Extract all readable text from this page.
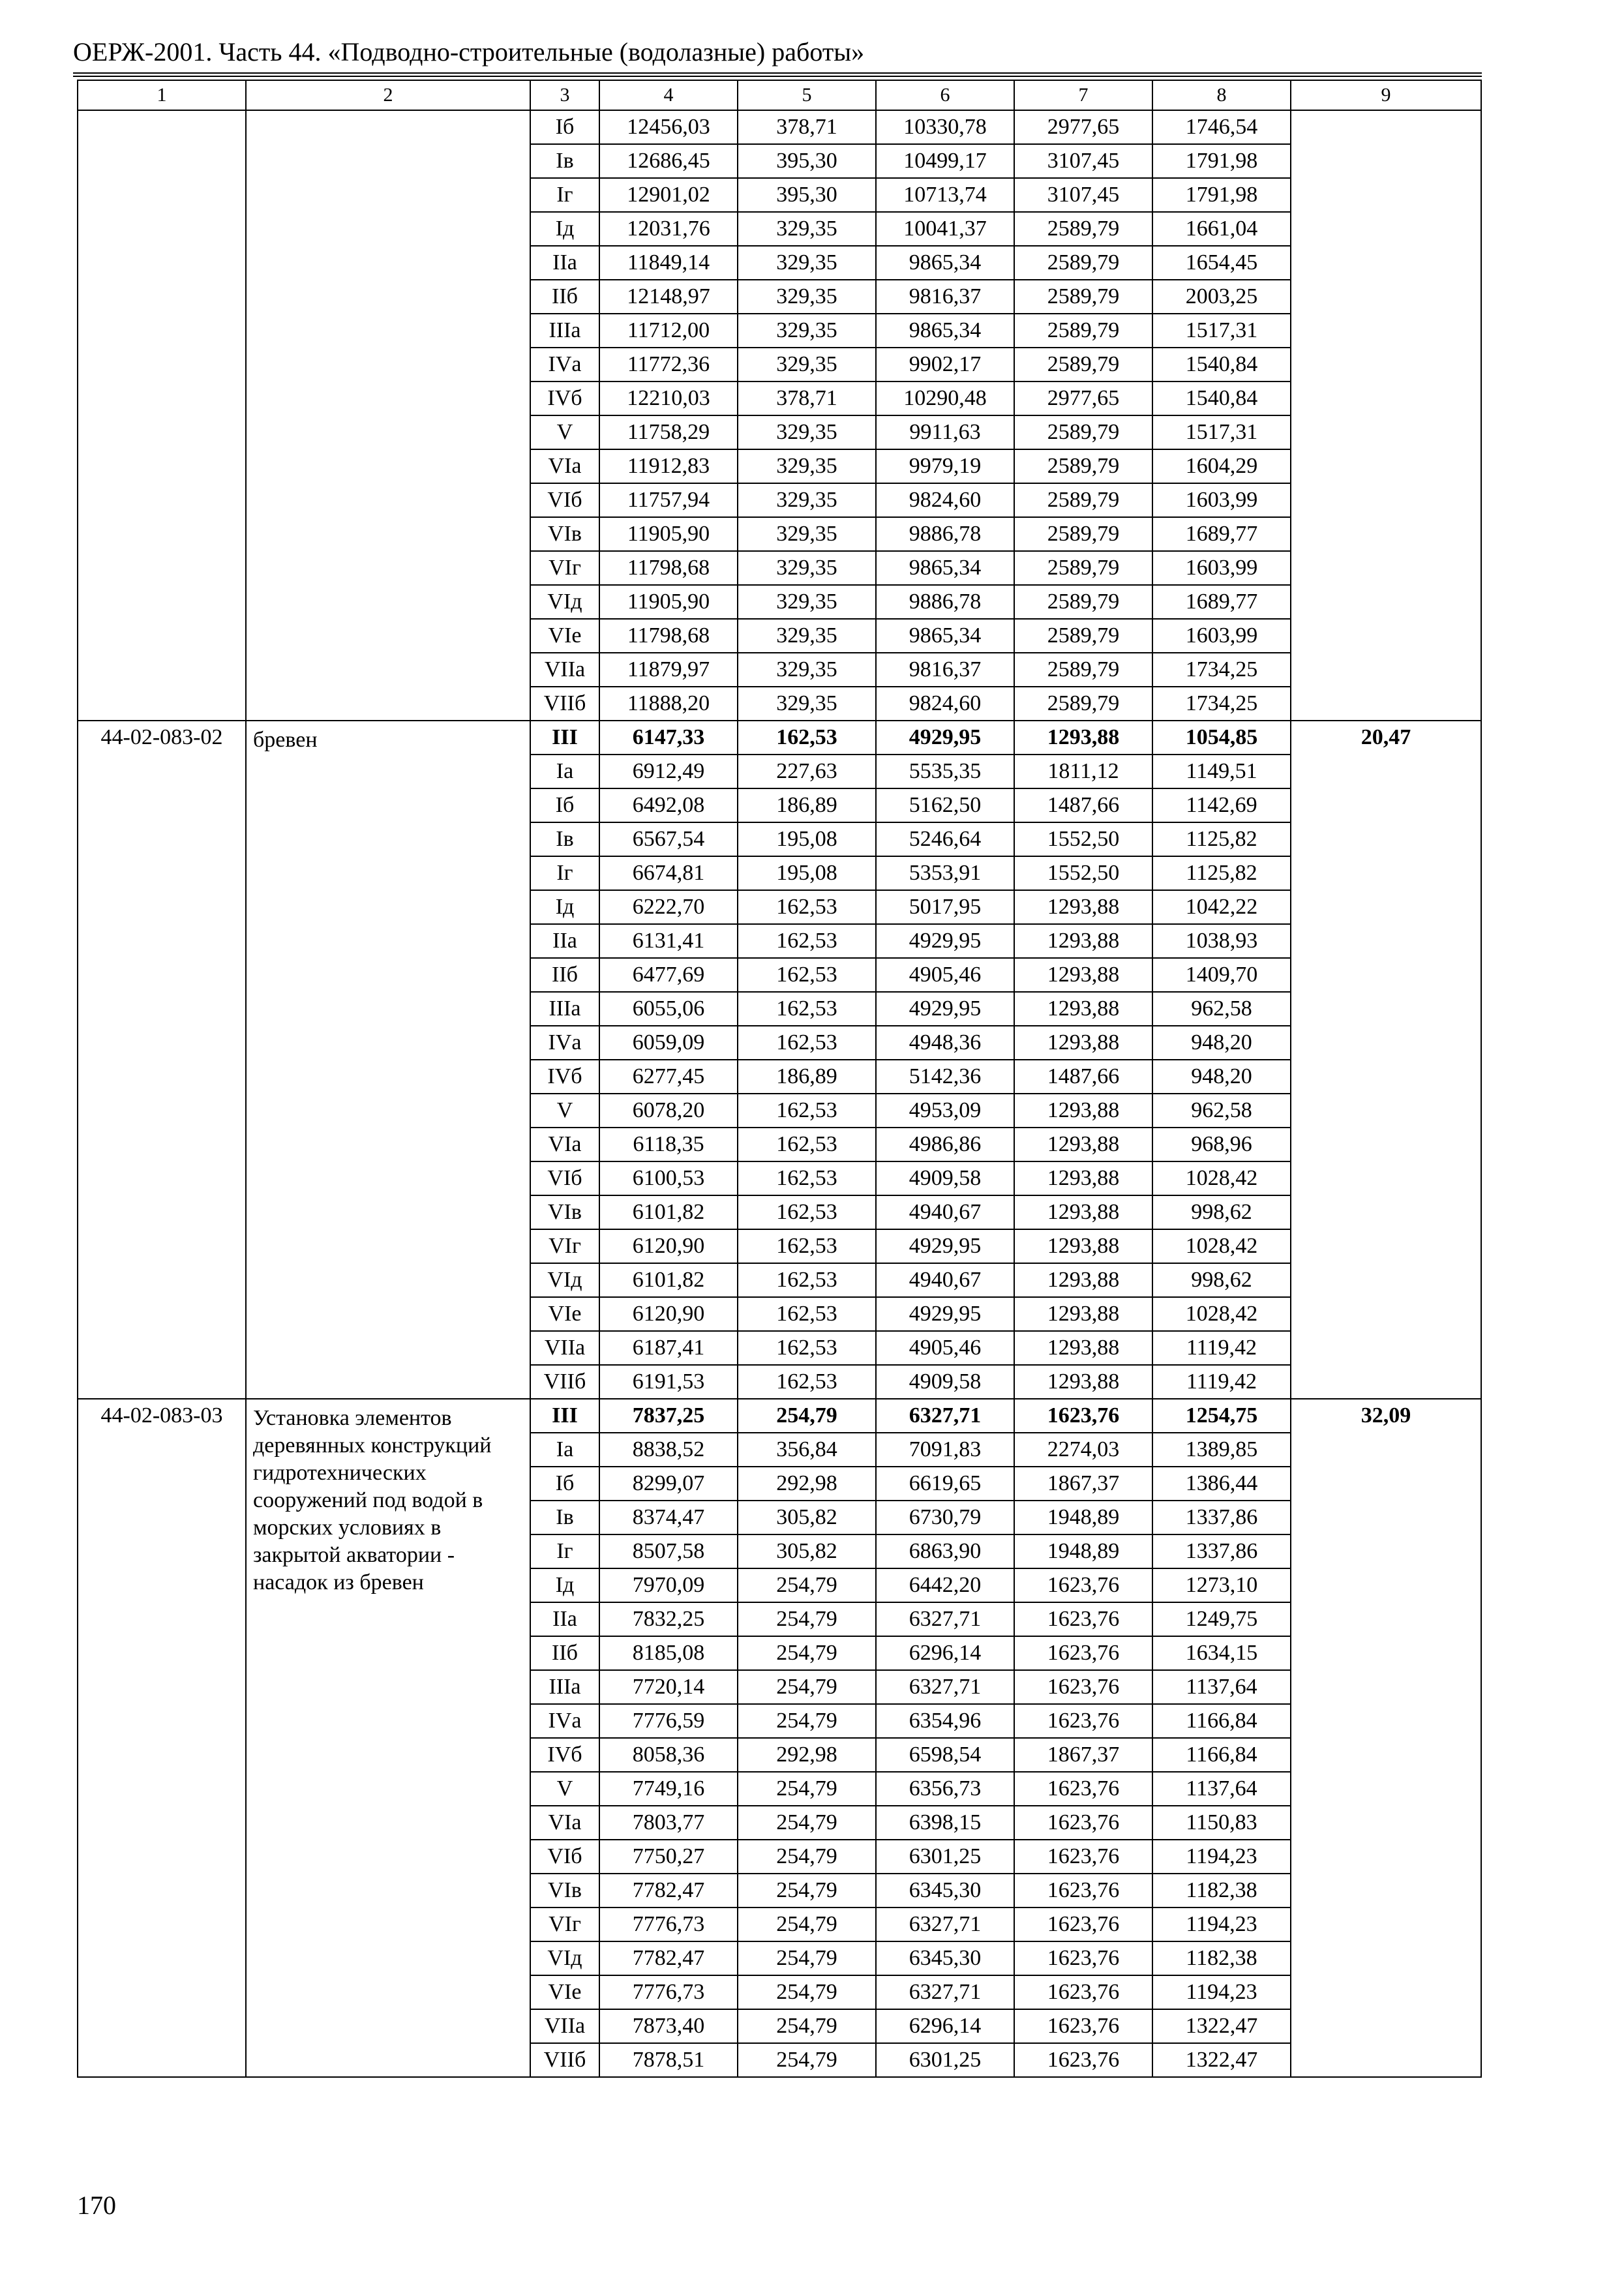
ОЕРЖ-2001. Часть 44. «Подводно-строительные (водолазные) работы»
1	2	3	4	5	6	7	8	9
		Iб	12456,03	378,71	10330,78	2977,65	1746,54	
		Iв	12686,45	395,30	10499,17	3107,45	1791,98	
		Iг	12901,02	395,30	10713,74	3107,45	1791,98	
		Iд	12031,76	329,35	10041,37	2589,79	1661,04	
		IIа	11849,14	329,35	9865,34	2589,79	1654,45	
		IIб	12148,97	329,35	9816,37	2589,79	2003,25	
		IIIа	11712,00	329,35	9865,34	2589,79	1517,31	
		IVа	11772,36	329,35	9902,17	2589,79	1540,84	
		IVб	12210,03	378,71	10290,48	2977,65	1540,84	
		V	11758,29	329,35	9911,63	2589,79	1517,31	
		VIа	11912,83	329,35	9979,19	2589,79	1604,29	
		VIб	11757,94	329,35	9824,60	2589,79	1603,99	
		VIв	11905,90	329,35	9886,78	2589,79	1689,77	
		VIг	11798,68	329,35	9865,34	2589,79	1603,99	
		VIд	11905,90	329,35	9886,78	2589,79	1689,77	
		VIе	11798,68	329,35	9865,34	2589,79	1603,99	
		VIIа	11879,97	329,35	9816,37	2589,79	1734,25	
		VIIб	11888,20	329,35	9824,60	2589,79	1734,25	
44-02-083-02	бревен	III	6147,33	162,53	4929,95	1293,88	1054,85	20,47
		Iа	6912,49	227,63	5535,35	1811,12	1149,51	
		Iб	6492,08	186,89	5162,50	1487,66	1142,69	
		Iв	6567,54	195,08	5246,64	1552,50	1125,82	
		Iг	6674,81	195,08	5353,91	1552,50	1125,82	
		Iд	6222,70	162,53	5017,95	1293,88	1042,22	
		IIа	6131,41	162,53	4929,95	1293,88	1038,93	
		IIб	6477,69	162,53	4905,46	1293,88	1409,70	
		IIIа	6055,06	162,53	4929,95	1293,88	962,58	
		IVа	6059,09	162,53	4948,36	1293,88	948,20	
		IVб	6277,45	186,89	5142,36	1487,66	948,20	
		V	6078,20	162,53	4953,09	1293,88	962,58	
		VIа	6118,35	162,53	4986,86	1293,88	968,96	
		VIб	6100,53	162,53	4909,58	1293,88	1028,42	
		VIв	6101,82	162,53	4940,67	1293,88	998,62	
		VIг	6120,90	162,53	4929,95	1293,88	1028,42	
		VIд	6101,82	162,53	4940,67	1293,88	998,62	
		VIе	6120,90	162,53	4929,95	1293,88	1028,42	
		VIIа	6187,41	162,53	4905,46	1293,88	1119,42	
		VIIб	6191,53	162,53	4909,58	1293,88	1119,42	
44-02-083-03	Установка элементов деревянных конструкций гидротехнических сооружений под водой в морских условиях в закрытой акватории - насадок из бревен	III	7837,25	254,79	6327,71	1623,76	1254,75	32,09
		Iа	8838,52	356,84	7091,83	2274,03	1389,85	
		Iб	8299,07	292,98	6619,65	1867,37	1386,44	
		Iв	8374,47	305,82	6730,79	1948,89	1337,86	
		Iг	8507,58	305,82	6863,90	1948,89	1337,86	
		Iд	7970,09	254,79	6442,20	1623,76	1273,10	
		IIа	7832,25	254,79	6327,71	1623,76	1249,75	
		IIб	8185,08	254,79	6296,14	1623,76	1634,15	
		IIIа	7720,14	254,79	6327,71	1623,76	1137,64	
		IVа	7776,59	254,79	6354,96	1623,76	1166,84	
		IVб	8058,36	292,98	6598,54	1867,37	1166,84	
		V	7749,16	254,79	6356,73	1623,76	1137,64	
		VIа	7803,77	254,79	6398,15	1623,76	1150,83	
		VIб	7750,27	254,79	6301,25	1623,76	1194,23	
		VIв	7782,47	254,79	6345,30	1623,76	1182,38	
		VIг	7776,73	254,79	6327,71	1623,76	1194,23	
		VIд	7782,47	254,79	6345,30	1623,76	1182,38	
		VIе	7776,73	254,79	6327,71	1623,76	1194,23	
		VIIа	7873,40	254,79	6296,14	1623,76	1322,47	
		VIIб	7878,51	254,79	6301,25	1623,76	1322,47	
170
